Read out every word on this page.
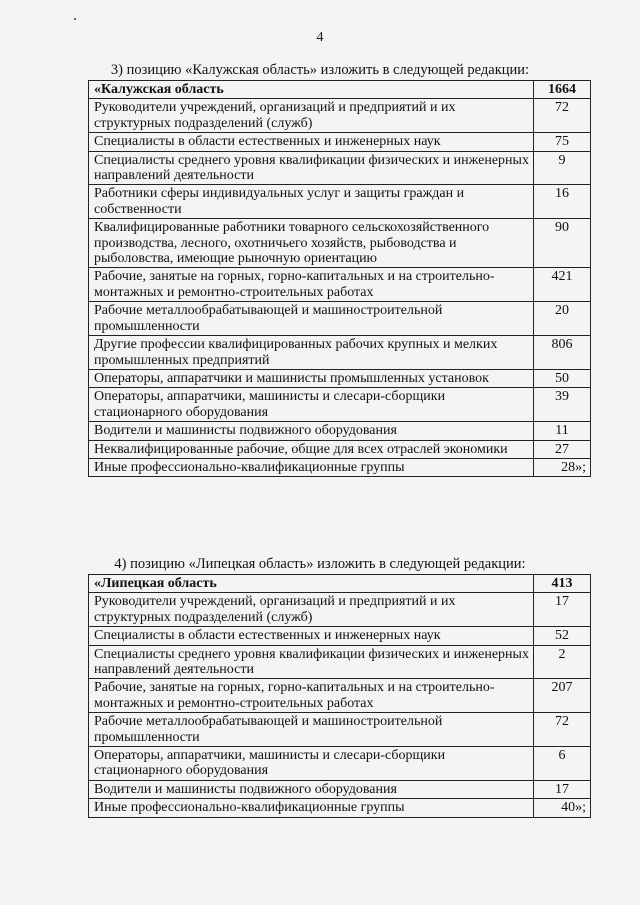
4
3) позицию «Калужская область» изложить в следующей редакции:
«Калужская область	1664
Руководители учреждений, организаций и предприятий и их структурных подразделений (служб)	72
Специалисты в области естественных и инженерных наук	75
Специалисты среднего уровня квалификации физических и инженерных направлений деятельности	9
Работники сферы индивидуальных услуг и защиты граждан и собственности	16
Квалифицированные работники товарного сельскохозяйственного производства, лесного, охотничьего хозяйств, рыбоводства и рыболовства, имеющие рыночную ориентацию	90
Рабочие, занятые на горных, горно-капитальных и на строительно-монтажных и ремонтно-строительных работах	421
Рабочие металлообрабатывающей и машиностроительной промышленности	20
Другие профессии квалифицированных рабочих крупных и мелких промышленных предприятий	806
Операторы, аппаратчики и машинисты промышленных установок	50
Операторы, аппаратчики, машинисты и слесари-сборщики стационарного оборудования	39
Водители и машинисты подвижного оборудования	11
Неквалифицированные рабочие, общие для всех отраслей экономики	27
Иные профессионально-квалификационные группы	28»;
4) позицию «Липецкая область» изложить в следующей редакции:
«Липецкая область	413
Руководители учреждений, организаций и предприятий и их структурных подразделений (служб)	17
Специалисты в области естественных и инженерных наук	52
Специалисты среднего уровня квалификации физических и инженерных направлений деятельности	2
Рабочие, занятые на горных, горно-капитальных и на строительно-монтажных и ремонтно-строительных работах	207
Рабочие металлообрабатывающей и машиностроительной промышленности	72
Операторы, аппаратчики, машинисты и слесари-сборщики стационарного оборудования	6
Водители и машинисты подвижного оборудования	17
Иные профессионально-квалификационные группы	40»;
